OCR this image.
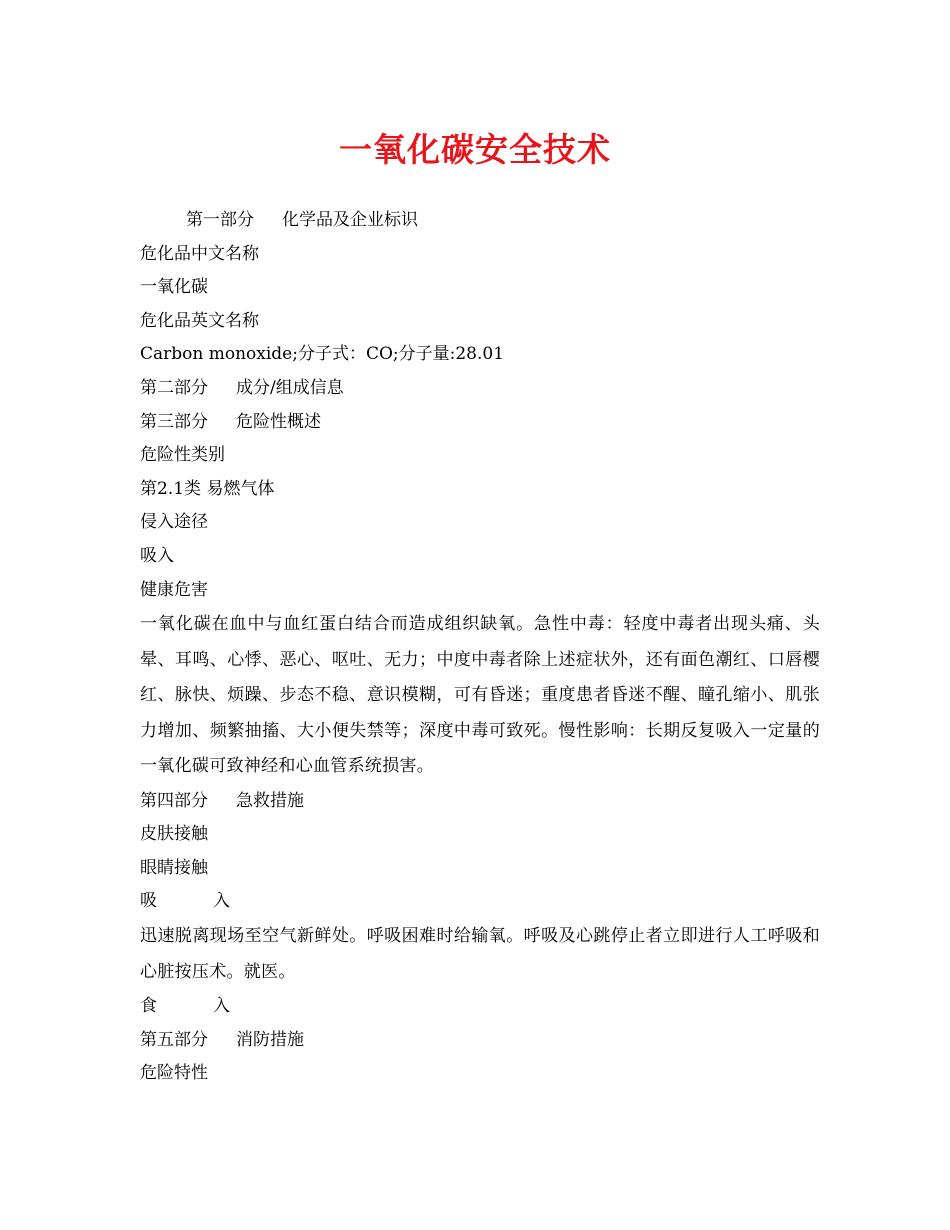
一氧化碳安全技术
第一部分 化学品及企业标识
危化品中文名称
一氧化碳
危化品英文名称
Carbon monoxide;分子式：CO;分子量:28.01
第二部分 成分/组成信息
第三部分 危险性概述
危险性类别
第2.1类 易燃气体
侵入途径
吸入
健康危害
一氧化碳在血中与血红蛋白结合而造成组织缺氧。急性中毒：轻度中毒者出现头痛、头晕、耳鸣、心悸、恶心、呕吐、无力；中度中毒者除上述症状外，还有面色潮红、口唇樱红、脉快、烦躁、步态不稳、意识模糊，可有昏迷；重度患者昏迷不醒、瞳孔缩小、肌张力增加、频繁抽搐、大小便失禁等；深度中毒可致死。慢性影响：长期反复吸入一定量的一氧化碳可致神经和心血管系统损害。
第四部分 急救措施
皮肤接触
眼睛接触
吸	入
迅速脱离现场至空气新鲜处。呼吸困难时给输氧。呼吸及心跳停止者立即进行人工呼吸和心脏按压术。就医。
食	入
第五部分 消防措施
危险特性
